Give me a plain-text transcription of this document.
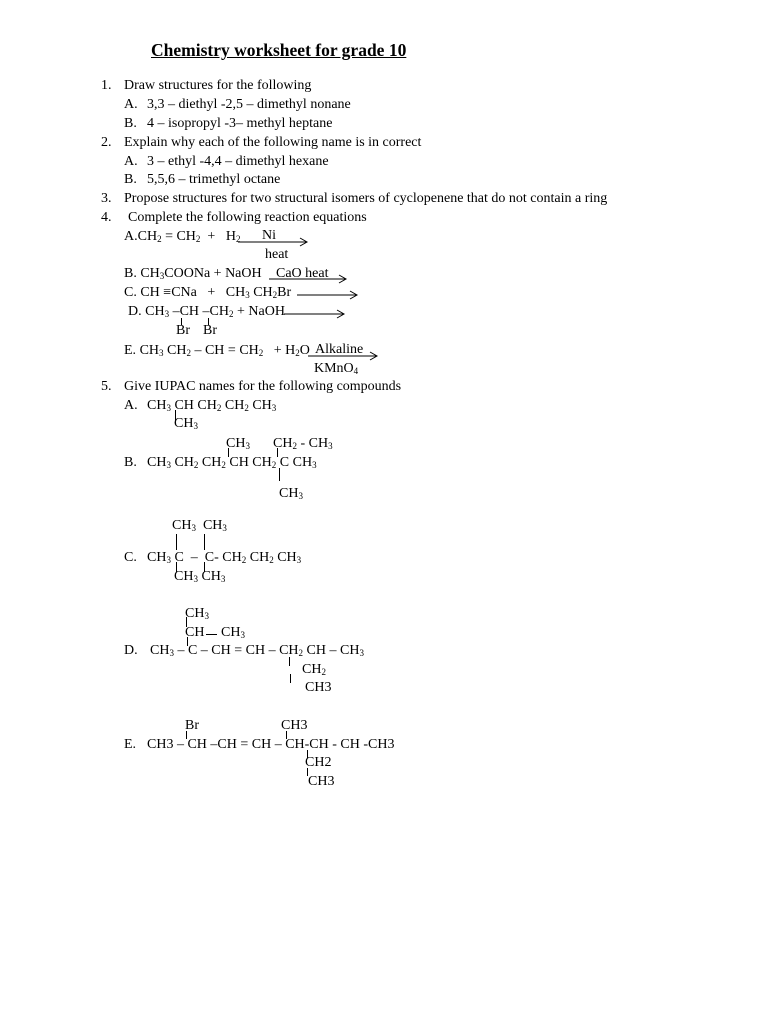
Chemistry worksheet for grade 10
1. Draw structures for the following
A. 3,3 – diethyl -2,5 – dimethyl nonane
B. 4 – isopropyl -3– methyl heptane
2. Explain why each of the following name is in correct
A. 3 – ethyl -4,4 – dimethyl hexane
B. 5,5,6 – trimethyl octane
3. Propose structures for two structural isomers of cyclopenene that do not contain a ring
4. Complete the following reaction equations
$A.CH_2 = CH_2 + H_2$ Ni
heat
B. $CH_3COONa$ + NaOH CaO heat
C. CH $\equiv CNa + CH_3$ $CH_2Br$
D. $CH_3$ –CH $-CH_2$ + NaOH
Br Br
E. $CH_3$ $CH_2$ – CH = $CH_2 + H_2O$ Alkaline
KMnO$_4$
5. Give IUPAC names for the following compounds
A. $CH_3$ CH $CH_2$ $CH_2$ $CH_3$
$CH_3$
$CH_3$ $CH_2 - CH_3$
B. $CH_3$ $CH_2$ $CH_2$ CH $CH_2$ C $CH_3$
$CH_3$
$CH_3$  $CH_3$
C. $CH_3$ C  –  C- $CH_2$ $CH_2$ $CH_3$
$CH_3$ $CH_3$
$CH_3$
CH $CH_3$
D. $CH_3$ – C – CH = CH – $CH_2$ CH – $CH_3$
$CH_2$
CH3
Br	CH3
E. CH3 – CH –CH = CH – CH-CH - CH -CH3
CH2
CH3
